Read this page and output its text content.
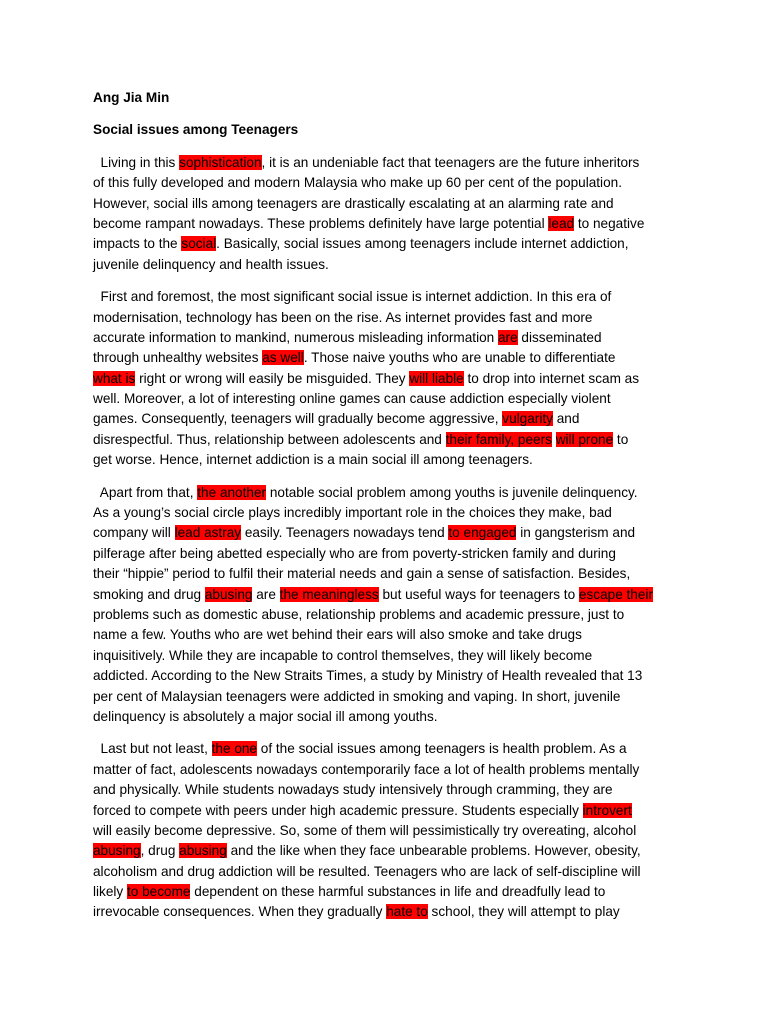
Ang Jia Min
Social issues among Teenagers
Living in this sophistication, it is an undeniable fact that teenagers are the future inheritors
of this fully developed and modern Malaysia who make up 60 per cent of the population.
However, social ills among teenagers are drastically escalating at an alarming rate and
become rampant nowadays. These problems definitely have large potential lead to negative
impacts to the social. Basically, social issues among teenagers include internet addiction,
juvenile delinquency and health issues.
First and foremost, the most significant social issue is internet addiction. In this era of
modernisation, technology has been on the rise. As internet provides fast and more
accurate information to mankind, numerous misleading information are disseminated
through unhealthy websites as well. Those naive youths who are unable to differentiate
what is right or wrong will easily be misguided. They will liable to drop into internet scam as
well. Moreover, a lot of interesting online games can cause addiction especially violent
games. Consequently, teenagers will gradually become aggressive, vulgarity and
disrespectful. Thus, relationship between adolescents and their family, peers will prone to
get worse. Hence, internet addiction is a main social ill among teenagers.
Apart from that, the another notable social problem among youths is juvenile delinquency.
As a young’s social circle plays incredibly important role in the choices they make, bad
company will lead astray easily. Teenagers nowadays tend to engaged in gangsterism and
pilferage after being abetted especially who are from poverty-stricken family and during
their “hippie” period to fulfil their material needs and gain a sense of satisfaction. Besides,
smoking and drug abusing are the meaningless but useful ways for teenagers to escape their
problems such as domestic abuse, relationship problems and academic pressure, just to
name a few. Youths who are wet behind their ears will also smoke and take drugs
inquisitively. While they are incapable to control themselves, they will likely become
addicted. According to the New Straits Times, a study by Ministry of Health revealed that 13
per cent of Malaysian teenagers were addicted in smoking and vaping. In short, juvenile
delinquency is absolutely a major social ill among youths.
Last but not least, the one of the social issues among teenagers is health problem. As a
matter of fact, adolescents nowadays contemporarily face a lot of health problems mentally
and physically. While students nowadays study intensively through cramming, they are
forced to compete with peers under high academic pressure. Students especially introvert
will easily become depressive. So, some of them will pessimistically try overeating, alcohol
abusing, drug abusing and the like when they face unbearable problems. However, obesity,
alcoholism and drug addiction will be resulted. Teenagers who are lack of self-discipline will
likely to become dependent on these harmful substances in life and dreadfully lead to
irrevocable consequences. When they gradually hate to school, they will attempt to play
